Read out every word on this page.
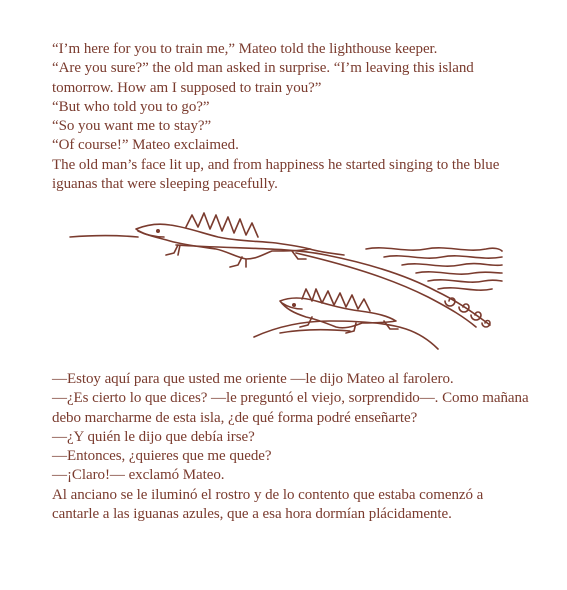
“I’m here for you to train me,” Mateo told the lighthouse keeper.

“Are you sure?” the old man asked in surprise. “I’m leaving this island tomorrow. How am I supposed to train you?”

“But who told you to go?”

“So you want me to stay?”

“Of course!” Mateo exclaimed.

The old man’s face lit up, and from happiness he started singing to the blue iguanas that were sleeping peacefully.

—Estoy aquí para que usted me oriente —le dijo Mateo al farolero.

—¿Es cierto lo que dices? —le preguntó el viejo, sorprendido—. Como mañana debo marcharme de esta isla, ¿de qué forma podré enseñarte?

—¿Y quién le dijo que debía irse?

—Entonces, ¿quieres que me quede?

—¡Claro!— exclamó Mateo.

Al anciano se le iluminó el rostro y de lo contento que estaba comenzó a cantarle a las iguanas azules, que a esa hora dormían plácidamente.
